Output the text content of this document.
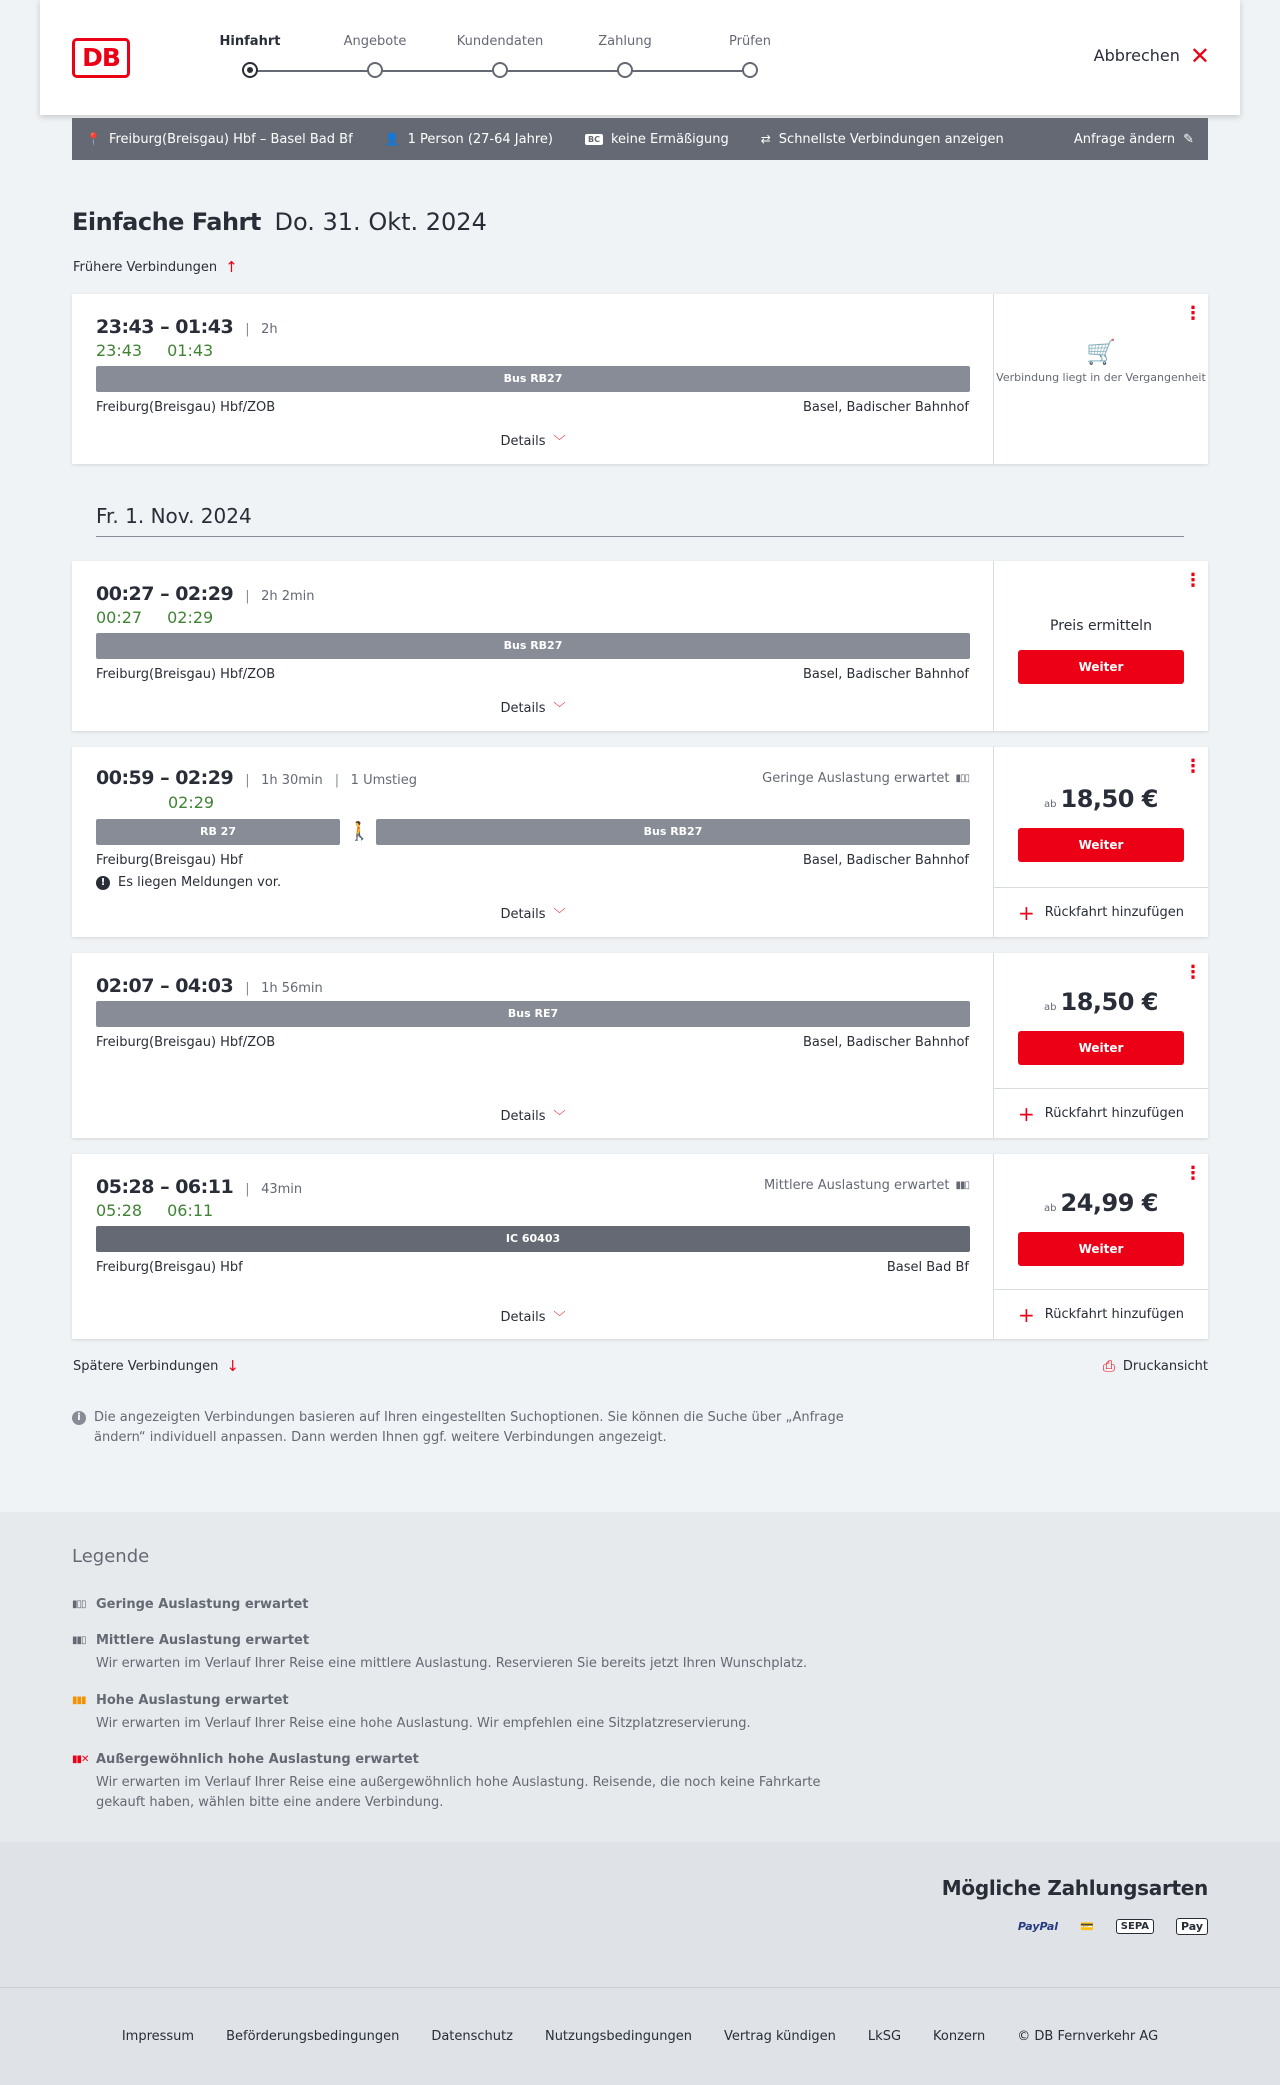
DB
Hinfahrt	Angebote	Kundendaten	Zahlung	Prüfen
Abbrechen ✕
📍 Freiburg(Breisgau) Hbf – Basel Bad Bf	👤 1 Person (27-64 Jahre)	BC keine Ermäßigung	⇄ Schnellste Verbindungen anzeigen	Anfrage ändern ✎
Einfache Fahrt Do. 31. Okt. 2024
Frühere Verbindungen ↑
23:43 – 01:43 | 2h
23:43 01:43
Bus RB27
Freiburg(Breisgau) Hbf/ZOB	Basel, Badischer Bahnhof
Details ﹀
⋮
🛒
Verbindung liegt in der Vergangenheit
Fr. 1. Nov. 2024
00:27 – 02:29 | 2h 2min
00:27 02:29
Bus RB27
Freiburg(Breisgau) Hbf/ZOB	Basel, Badischer Bahnhof
Details ﹀
⋮
Preis ermitteln
Weiter
00:59 – 02:29 | 1h 30min | 1 Umstieg	Geringe Auslastung erwartet ▮▯▯
02:29
RB 27	🚶	Bus RB27
Freiburg(Breisgau) Hbf	Basel, Badischer Bahnhof
! Es liegen Meldungen vor.
Details ﹀
⋮
ab 18,50 €
Weiter
+ Rückfahrt hinzufügen
02:07 – 04:03 | 1h 56min
Bus RE7
Freiburg(Breisgau) Hbf/ZOB	Basel, Badischer Bahnhof
Details ﹀
⋮
ab 18,50 €
Weiter
+ Rückfahrt hinzufügen
05:28 – 06:11 | 43min	Mittlere Auslastung erwartet ▮▮▯
05:28 06:11
IC 60403
Freiburg(Breisgau) Hbf	Basel Bad Bf
Details ﹀
⋮
ab 24,99 €
Weiter
+ Rückfahrt hinzufügen
Spätere Verbindungen ↓	⎙ Druckansicht
i	Die angezeigten Verbindungen basieren auf Ihren eingestellten Suchoptionen. Sie können die Suche über „Anfrage ändern“ individuell anpassen. Dann werden Ihnen ggf. weitere Verbindungen angezeigt.
Legende
▮▯▯ Geringe Auslastung erwartet
▮▮▯ Mittlere Auslastung erwartet
Wir erwarten im Verlauf Ihrer Reise eine mittlere Auslastung. Reservieren Sie bereits jetzt Ihren Wunschplatz.
▮▮▮ Hohe Auslastung erwartet
Wir erwarten im Verlauf Ihrer Reise eine hohe Auslastung. Wir empfehlen eine Sitzplatzreservierung.
▮▮✕ Außergewöhnlich hohe Auslastung erwartet
Wir erwarten im Verlauf Ihrer Reise eine außergewöhnlich hohe Auslastung. Reisende, die noch keine Fahrkarte gekauft haben, wählen bitte eine andere Verbindung.
Mögliche Zahlungsarten
PayPal 💳	SEPA	Pay
Impressum Beförderungsbedingungen Datenschutz Nutzungsbedingungen Vertrag kündigen LkSG Konzern © DB Fernverkehr AG
